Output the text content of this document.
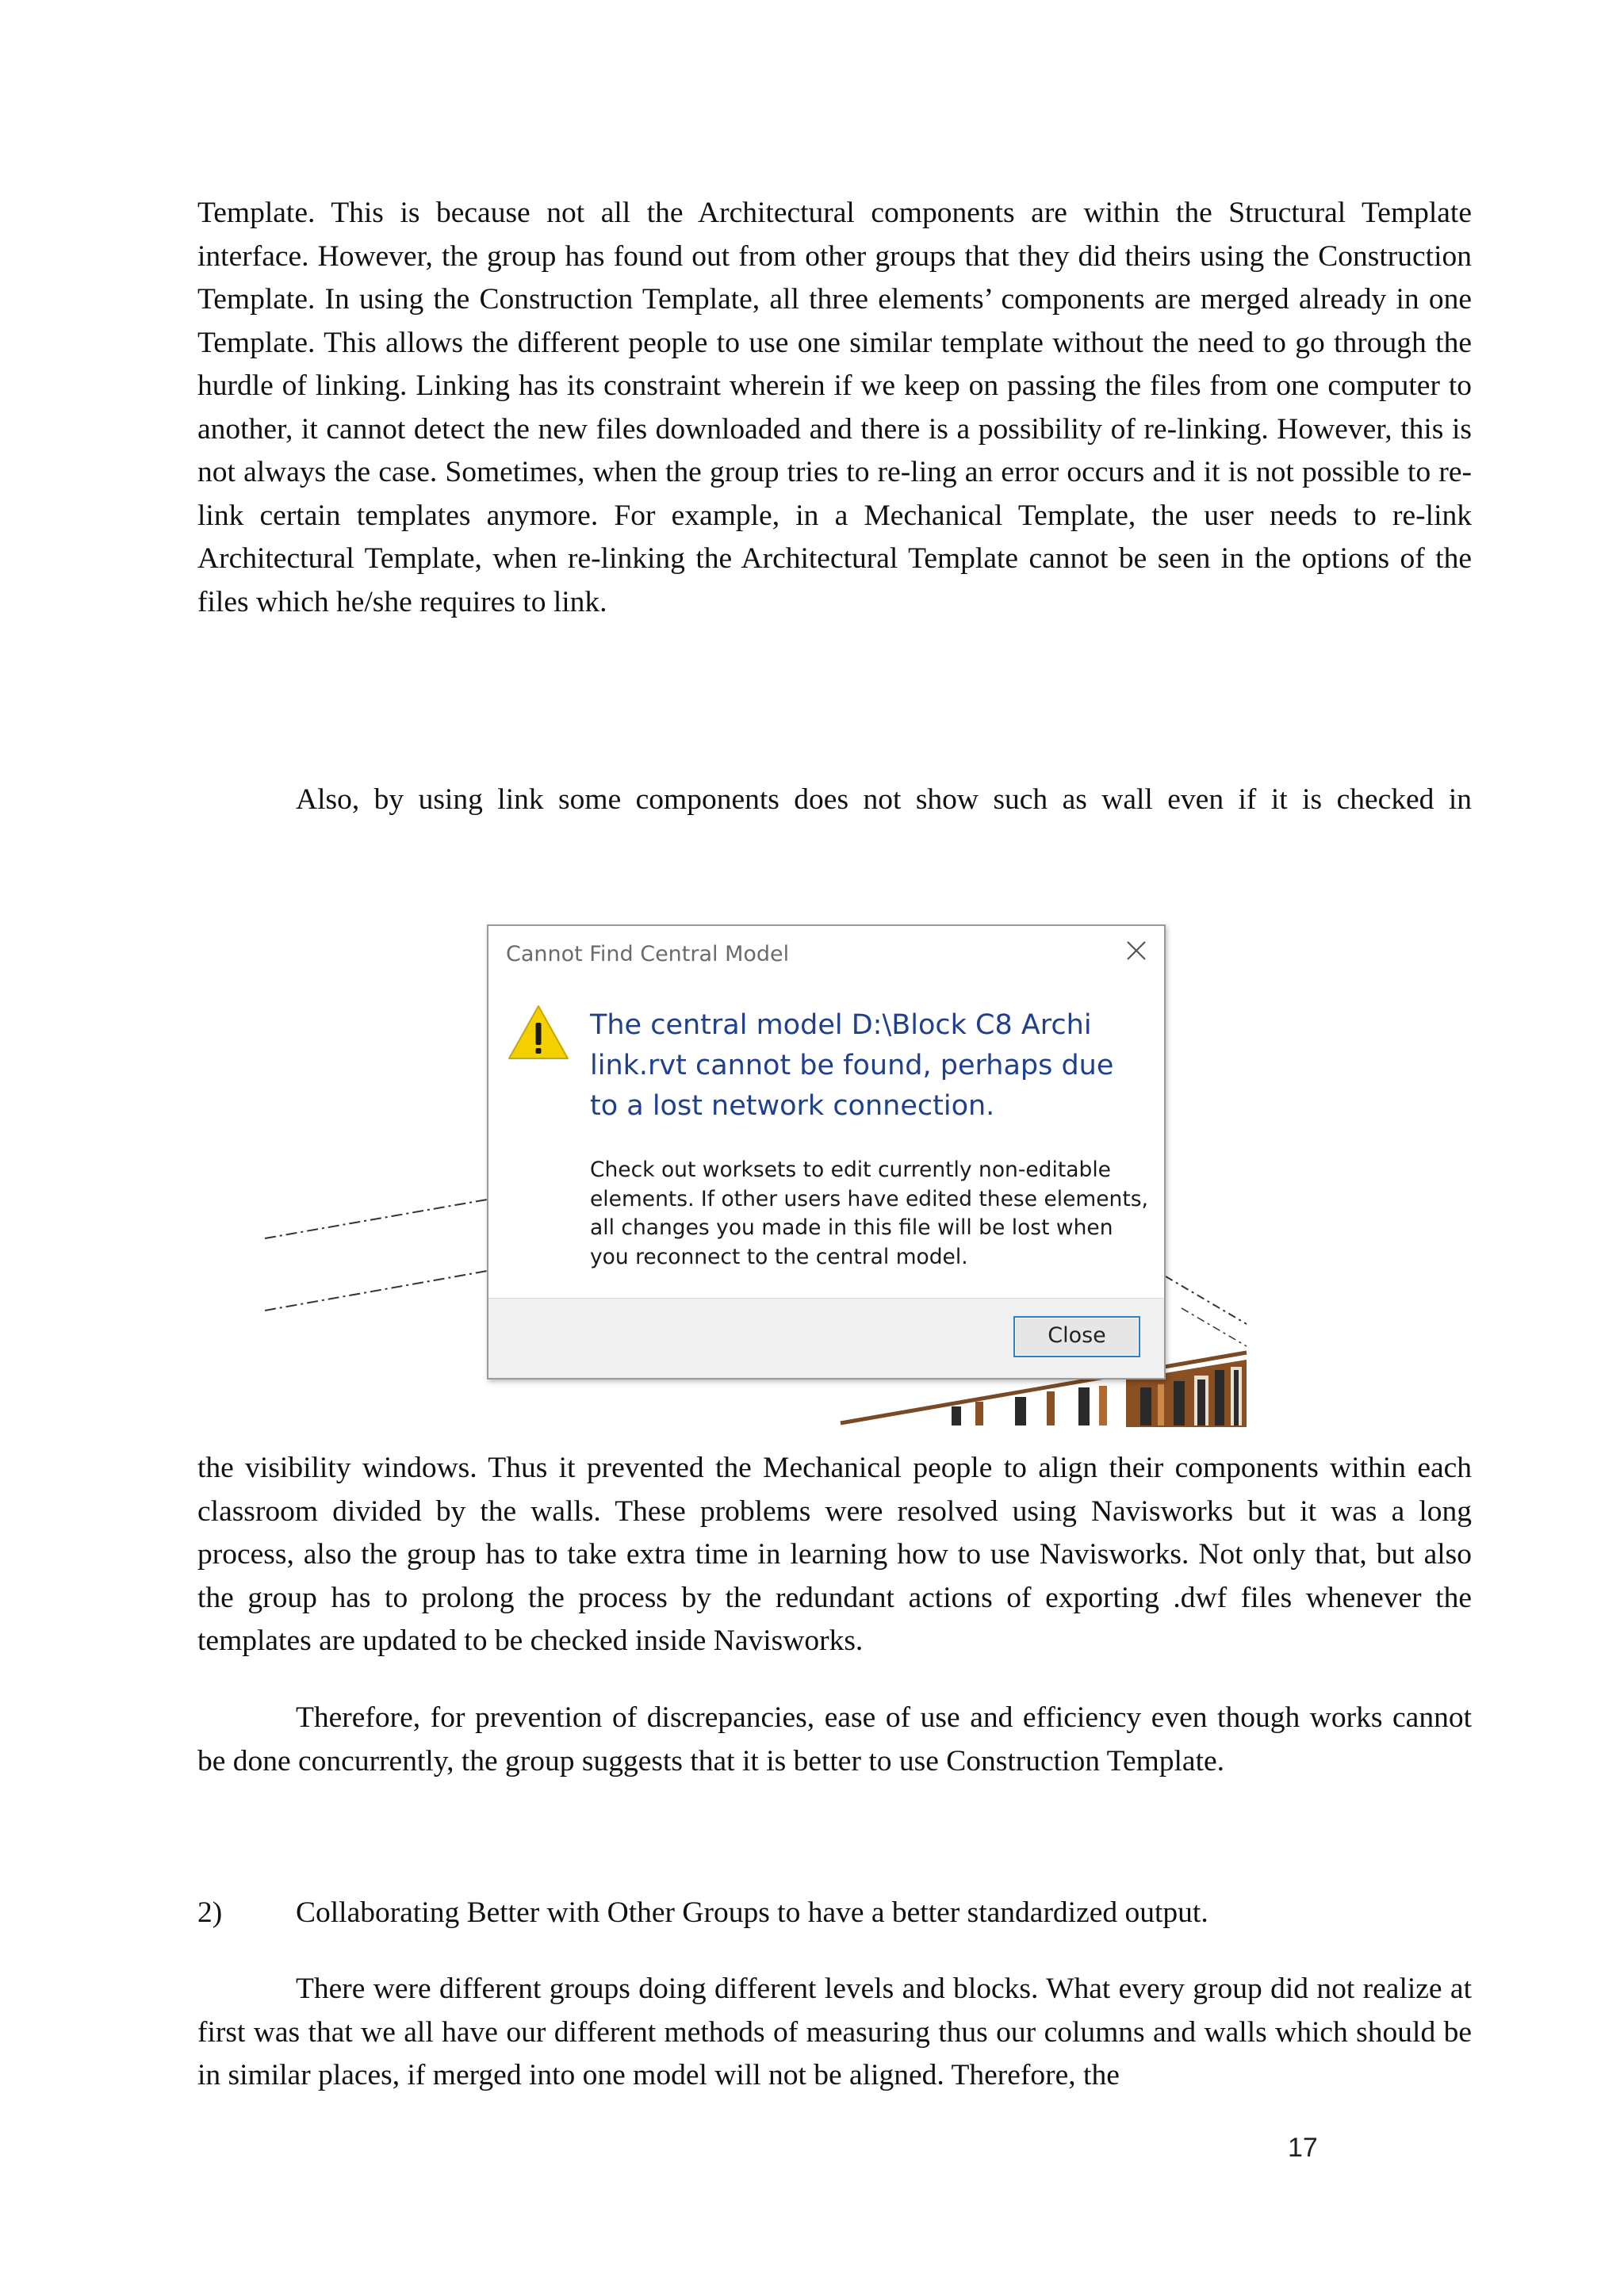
Template. This is because not all the Architectural components are within the Structural Template interface. However, the group has found out from other groups that they did theirs using the Construction Template. In using the Construction Template, all three elements’ components are merged already in one Template. This allows the different people to use one similar template without the need to go through the hurdle of linking. Linking has its constraint wherein if we keep on passing the files from one computer to another, it cannot detect the new files downloaded and there is a possibility of re-linking. However, this is not always the case. Sometimes, when the group tries to re-ling an error occurs and it is not possible to re-link certain templates anymore. For example, in a Mechanical Template, the user needs to re-link Architectural Template, when re-linking the Architectural Template cannot be seen in the options of the files which he/she requires to link.

Also, by using link some components does not show such as wall even if it is checked in

Cannot Find Central Model
The central model D:\Block C8 Archi link.rvt cannot be found, perhaps due to a lost network connection.
Check out worksets to edit currently non-editable elements. If other users have edited these elements, all changes you made in this file will be lost when you reconnect to the central model.
Close

the visibility windows. Thus it prevented the Mechanical people to align their components within each classroom divided by the walls. These problems were resolved using Navisworks but it was a long process, also the group has to take extra time in learning how to use Navisworks. Not only that, but also the group has to prolong the process by the redundant actions of exporting .dwf files whenever the templates are updated to be checked inside Navisworks.

Therefore, for prevention of discrepancies, ease of use and efficiency even though works cannot be done concurrently, the group suggests that it is better to use Construction Template.

2) Collaborating Better with Other Groups to have a better standardized output.

There were different groups doing different levels and blocks. What every group did not realize at first was that we all have our different methods of measuring thus our columns and walls which should be in similar places, if merged into one model will not be aligned. Therefore, the

17
